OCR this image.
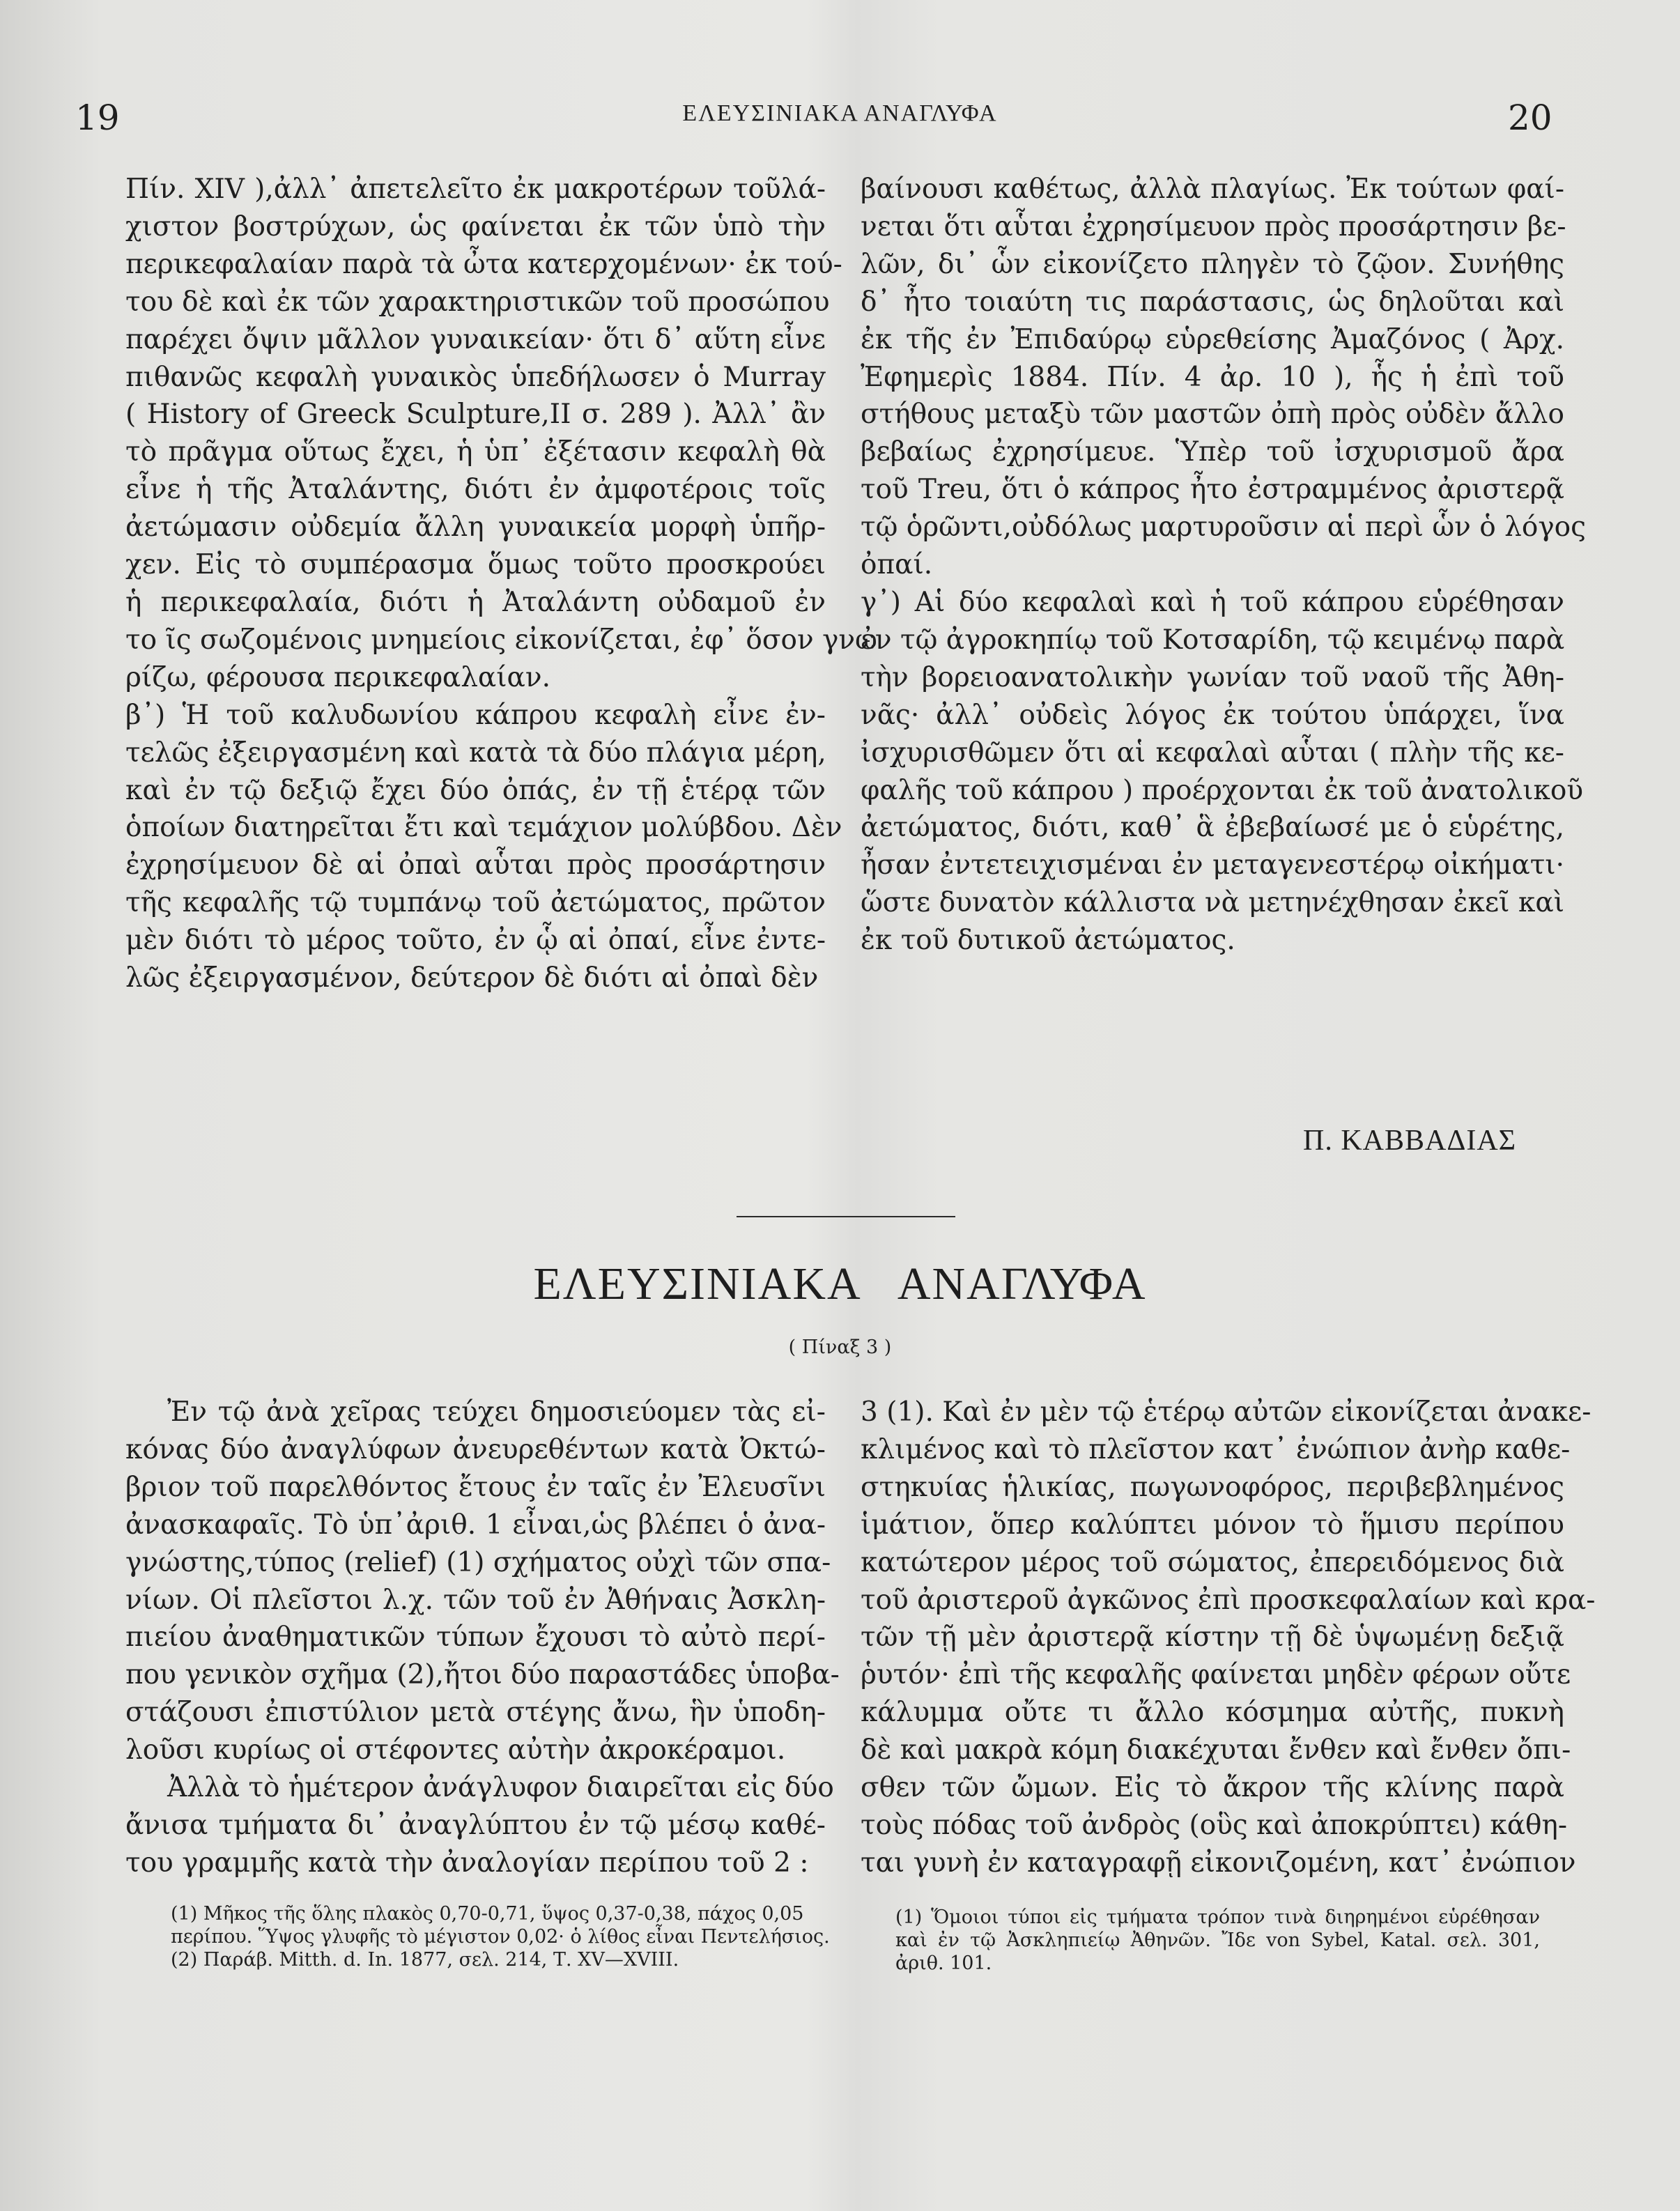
19	ΕΛΕΥΣΙΝΙΑΚΑ ΑΝΑΓΛΥΦΑ	20
Πίν. XIV ),ἀλλ᾿ ἀπετελεῖτο ἐκ μακροτέρων τοῦλά-
χιστον βοστρύχων, ὡς φαίνεται ἐκ τῶν ὑπὸ τὴν
περικεφαλαίαν παρὰ τὰ ὦτα κατερχομένων· ἐκ τού-
του δὲ καὶ ἐκ τῶν χαρακτηριστικῶν τοῦ προσώπου
παρέχει ὄψιν μᾶλλον γυναικείαν· ὅτι δ᾿ αὕτη εἶνε
πιθανῶς κεφαλὴ γυναικὸς ὑπεδήλωσεν ὁ Murray
( History of Greeck Sculpture,II σ. 289 ). Ἀλλ᾿ ἂν
τὸ πρᾶγμα οὕτως ἔχει, ἡ ὑπ᾿ ἐξέτασιν κεφαλὴ θὰ
εἶνε ἡ τῆς Ἀταλάντης, διότι ἐν ἀμφοτέροις τοῖς
ἀετώμασιν οὐδεμία ἄλλη γυναικεία μορφὴ ὑπῆρ-
χεν. Εἰς τὸ συμπέρασμα ὅμως τοῦτο προσκρούει
ἡ περικεφαλαία, διότι ἡ Ἀταλάντη οὐδαμοῦ ἐν
το ῖς σωζομένοις μνημείοις εἰκονίζεται, ἐφ᾿ ὅσον γνω
ρίζω, φέρουσα περικεφαλαίαν.
β᾿) Ἡ τοῦ καλυδωνίου κάπρου κεφαλὴ εἶνε ἐν-
τελῶς ἐξειργασμένη καὶ κατὰ τὰ δύο πλάγια μέρη,
καὶ ἐν τῷ δεξιῷ ἔχει δύο ὀπάς, ἐν τῇ ἑτέρᾳ τῶν
ὁποίων διατηρεῖται ἔτι καὶ τεμάχιον μολύβδου. Δὲν
ἐχρησίμευον δὲ αἱ ὀπαὶ αὗται πρὸς προσάρτησιν
τῆς κεφαλῆς τῷ τυμπάνῳ τοῦ ἀετώματος, πρῶτον
μὲν διότι τὸ μέρος τοῦτο, ἐν ᾧ αἱ ὀπαί, εἶνε ἐντε-
λῶς ἐξειργασμένον, δεύτερον δὲ διότι αἱ ὀπαὶ δὲν
βαίνουσι καθέτως, ἀλλὰ πλαγίως. Ἐκ τούτων φαί-
νεται ὅτι αὗται ἐχρησίμευον πρὸς προσάρτησιν βε-
λῶν, δι᾿ ὧν εἰκονίζετο πληγὲν τὸ ζῷον. Συνήθης
δ᾿ ἦτο τοιαύτη τις παράστασις, ὡς δηλοῦται καὶ
ἐκ τῆς ἐν Ἐπιδαύρῳ εὑρεθείσης Ἀμαζόνος ( Ἀρχ.
Ἐφημερὶς 1884. Πίν. 4 ἀρ. 10 ), ἧς ἡ ἐπὶ τοῦ
στήθους μεταξὺ τῶν μαστῶν ὀπὴ πρὸς οὐδὲν ἄλλο
βεβαίως ἐχρησίμευε. Ὑπὲρ τοῦ ἰσχυρισμοῦ ἄρα
τοῦ Treu, ὅτι ὁ κάπρος ἦτο ἐστραμμένος ἀριστερᾷ
τῷ ὁρῶντι,οὐδόλως μαρτυροῦσιν αἱ περὶ ὧν ὁ λόγος
ὀπαί.
γ᾿) Αἱ δύο κεφαλαὶ καὶ ἡ τοῦ κάπρου εὑρέθησαν
ἐν τῷ ἀγροκηπίῳ τοῦ Κοτσαρίδη, τῷ κειμένῳ παρὰ
τὴν βορειοανατολικὴν γωνίαν τοῦ ναοῦ τῆς Ἀθη-
νᾶς· ἀλλ᾿ οὐδεὶς λόγος ἐκ τούτου ὑπάρχει, ἵνα
ἰσχυρισθῶμεν ὅτι αἱ κεφαλαὶ αὗται ( πλὴν τῆς κε-
φαλῆς τοῦ κάπρου ) προέρχονται ἐκ τοῦ ἀνατολικοῦ
ἀετώματος, διότι, καθ᾿ ἃ ἐβεβαίωσέ με ὁ εὑρέτης,
ἦσαν ἐντετειχισμέναι ἐν μεταγενεστέρῳ οἰκήματι·
ὥστε δυνατὸν κάλλιστα νὰ μετηνέχθησαν ἐκεῖ καὶ
ἐκ τοῦ δυτικοῦ ἀετώματος.
Π. ΚΑΒΒΑΔΙΑΣ
ΕΛΕΥΣΙΝΙΑΚΑ ΑΝΑΓΛΥΦΑ
( Πίναξ 3 )
Ἐν τῷ ἀνὰ χεῖρας τεύχει δημοσιεύομεν τὰς εἰ-
κόνας δύο ἀναγλύφων ἀνευρεθέντων κατὰ Ὀκτώ-
βριον τοῦ παρελθόντος ἔτους ἐν ταῖς ἐν Ἐλευσῖνι
ἀνασκαφαῖς. Τὸ ὑπ᾿ἀριθ. 1 εἶναι,ὡς βλέπει ὁ ἀνα-
γνώστης,τύπος (relief) (1) σχήματος οὐχὶ τῶν σπα-
νίων. Οἱ πλεῖστοι λ.χ. τῶν τοῦ ἐν Ἀθήναις Ἀσκλη-
πιείου ἀναθηματικῶν τύπων ἔχουσι τὸ αὐτὸ περί-
που γενικὸν σχῆμα (2),ἤτοι δύο παραστάδες ὑποβα-
στάζουσι ἐπιστύλιον μετὰ στέγης ἄνω, ἣν ὑποδη-
λοῦσι κυρίως οἱ στέφοντες αὐτὴν ἀκροκέραμοι.
Ἀλλὰ τὸ ἡμέτερον ἀνάγλυφον διαιρεῖται εἰς δύο
ἄνισα τμήματα δι᾿ ἀναγλύπτου ἐν τῷ μέσῳ καθέ-
του γραμμῆς κατὰ τὴν ἀναλογίαν περίπου τοῦ 2 :
3 (1). Καὶ ἐν μὲν τῷ ἑτέρῳ αὐτῶν εἰκονίζεται ἀνακε-
κλιμένος καὶ τὸ πλεῖστον κατ᾿ ἐνώπιον ἀνὴρ καθε-
στηκυίας ἡλικίας, πωγωνοφόρος, περιβεβλημένος
ἱμάτιον, ὅπερ καλύπτει μόνον τὸ ἥμισυ περίπου
κατώτερον μέρος τοῦ σώματος, ἐπερειδόμενος διὰ
τοῦ ἀριστεροῦ ἀγκῶνος ἐπὶ προσκεφαλαίων καὶ κρα-
τῶν τῇ μὲν ἀριστερᾷ κίστην τῇ δὲ ὑψωμένῃ δεξιᾷ
ῥυτόν· ἐπὶ τῆς κεφαλῆς φαίνεται μηδὲν φέρων οὔτε
κάλυμμα οὔτε τι ἄλλο κόσμημα αὐτῆς, πυκνὴ
δὲ καὶ μακρὰ κόμη διακέχυται ἔνθεν καὶ ἔνθεν ὄπι-
σθεν τῶν ὤμων. Εἰς τὸ ἄκρον τῆς κλίνης παρὰ
τοὺς πόδας τοῦ ἀνδρὸς (οὓς καὶ ἀποκρύπτει) κάθη-
ται γυνὴ ἐν καταγραφῇ εἰκονιζομένη, κατ᾿ ἐνώπιον
(1) Μῆκος τῆς ὅλης πλακὸς 0,70-0,71, ὕψος 0,37-0,38, πάχος 0,05
περίπου. Ὕψος γλυφῆς τὸ μέγιστον 0,02· ὁ λίθος εἶναι Πεντελήσιος.
(2) Παράβ. Mitth. d. In. 1877, σελ. 214, Τ. XV—XVIII.
(1) Ὅμοιοι τύποι εἰς τμήματα τρόπον τινὰ διηρημένοι εὑρέθησαν
καὶ ἐν τῷ Ἀσκληπιείῳ Ἀθηνῶν. Ἴδε von Sybel, Katal. σελ. 301,
ἀριθ. 101.
